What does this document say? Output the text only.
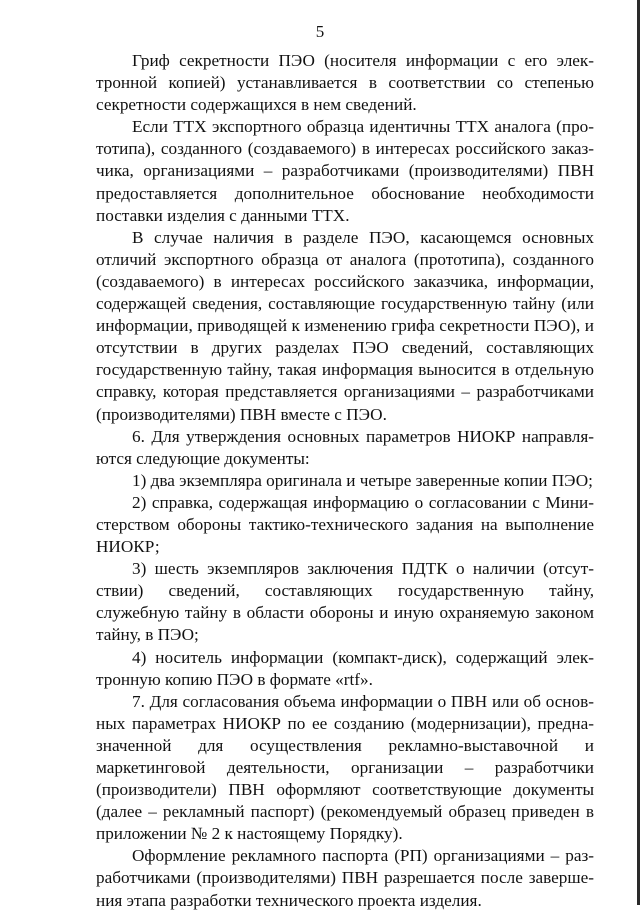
5

Гриф секретности ПЭО (носителя информации с его электронной копией) устанавливается в соответствии со степенью секретности содержащихся в нем сведений.

Если ТТХ экспортного образца идентичны ТТХ аналога (прототипа), созданного (создаваемого) в интересах российского заказчика, организациями – разработчиками (производителями) ПВН предоставляется дополнительное обоснование необходимости поставки изделия с данными ТТХ.

В случае наличия в разделе ПЭО, касающемся основных отличий экспортного образца от аналога (прототипа), созданного (создаваемого) в интересах российского заказчика, информации, содержащей сведения, составляющие государственную тайну (или информации, приводящей к изменению грифа секретности ПЭО), и отсутствии в других разделах ПЭО сведений, составляющих государственную тайну, такая информация выносится в отдельную справку, которая представляется организациями – разработчиками (производителями) ПВН вместе с ПЭО.

6. Для утверждения основных параметров НИОКР направляются следующие документы:

1) два экземпляра оригинала и четыре заверенные копии ПЭО;

2) справка, содержащая информацию о согласовании с Министерством обороны тактико-технического задания на выполнение НИОКР;

3) шесть экземпляров заключения ПДТК о наличии (отсутствии) сведений, составляющих государственную тайну, служебную тайну в области обороны и иную охраняемую законом тайну, в ПЭО;

4) носитель информации (компакт-диск), содержащий электронную копию ПЭО в формате «rtf».

7. Для согласования объема информации о ПВН или об основных параметрах НИОКР по ее созданию (модернизации), предназначенной для осуществления рекламно-выставочной и маркетинговой деятельности, организации – разработчики (производители) ПВН оформляют соответствующие документы (далее – рекламный паспорт) (рекомендуемый образец приведен в приложении № 2 к настоящему Порядку).

Оформление рекламного паспорта (РП) организациями – разработчиками (производителями) ПВН разрешается после завершения этапа разработки технического проекта изделия.
